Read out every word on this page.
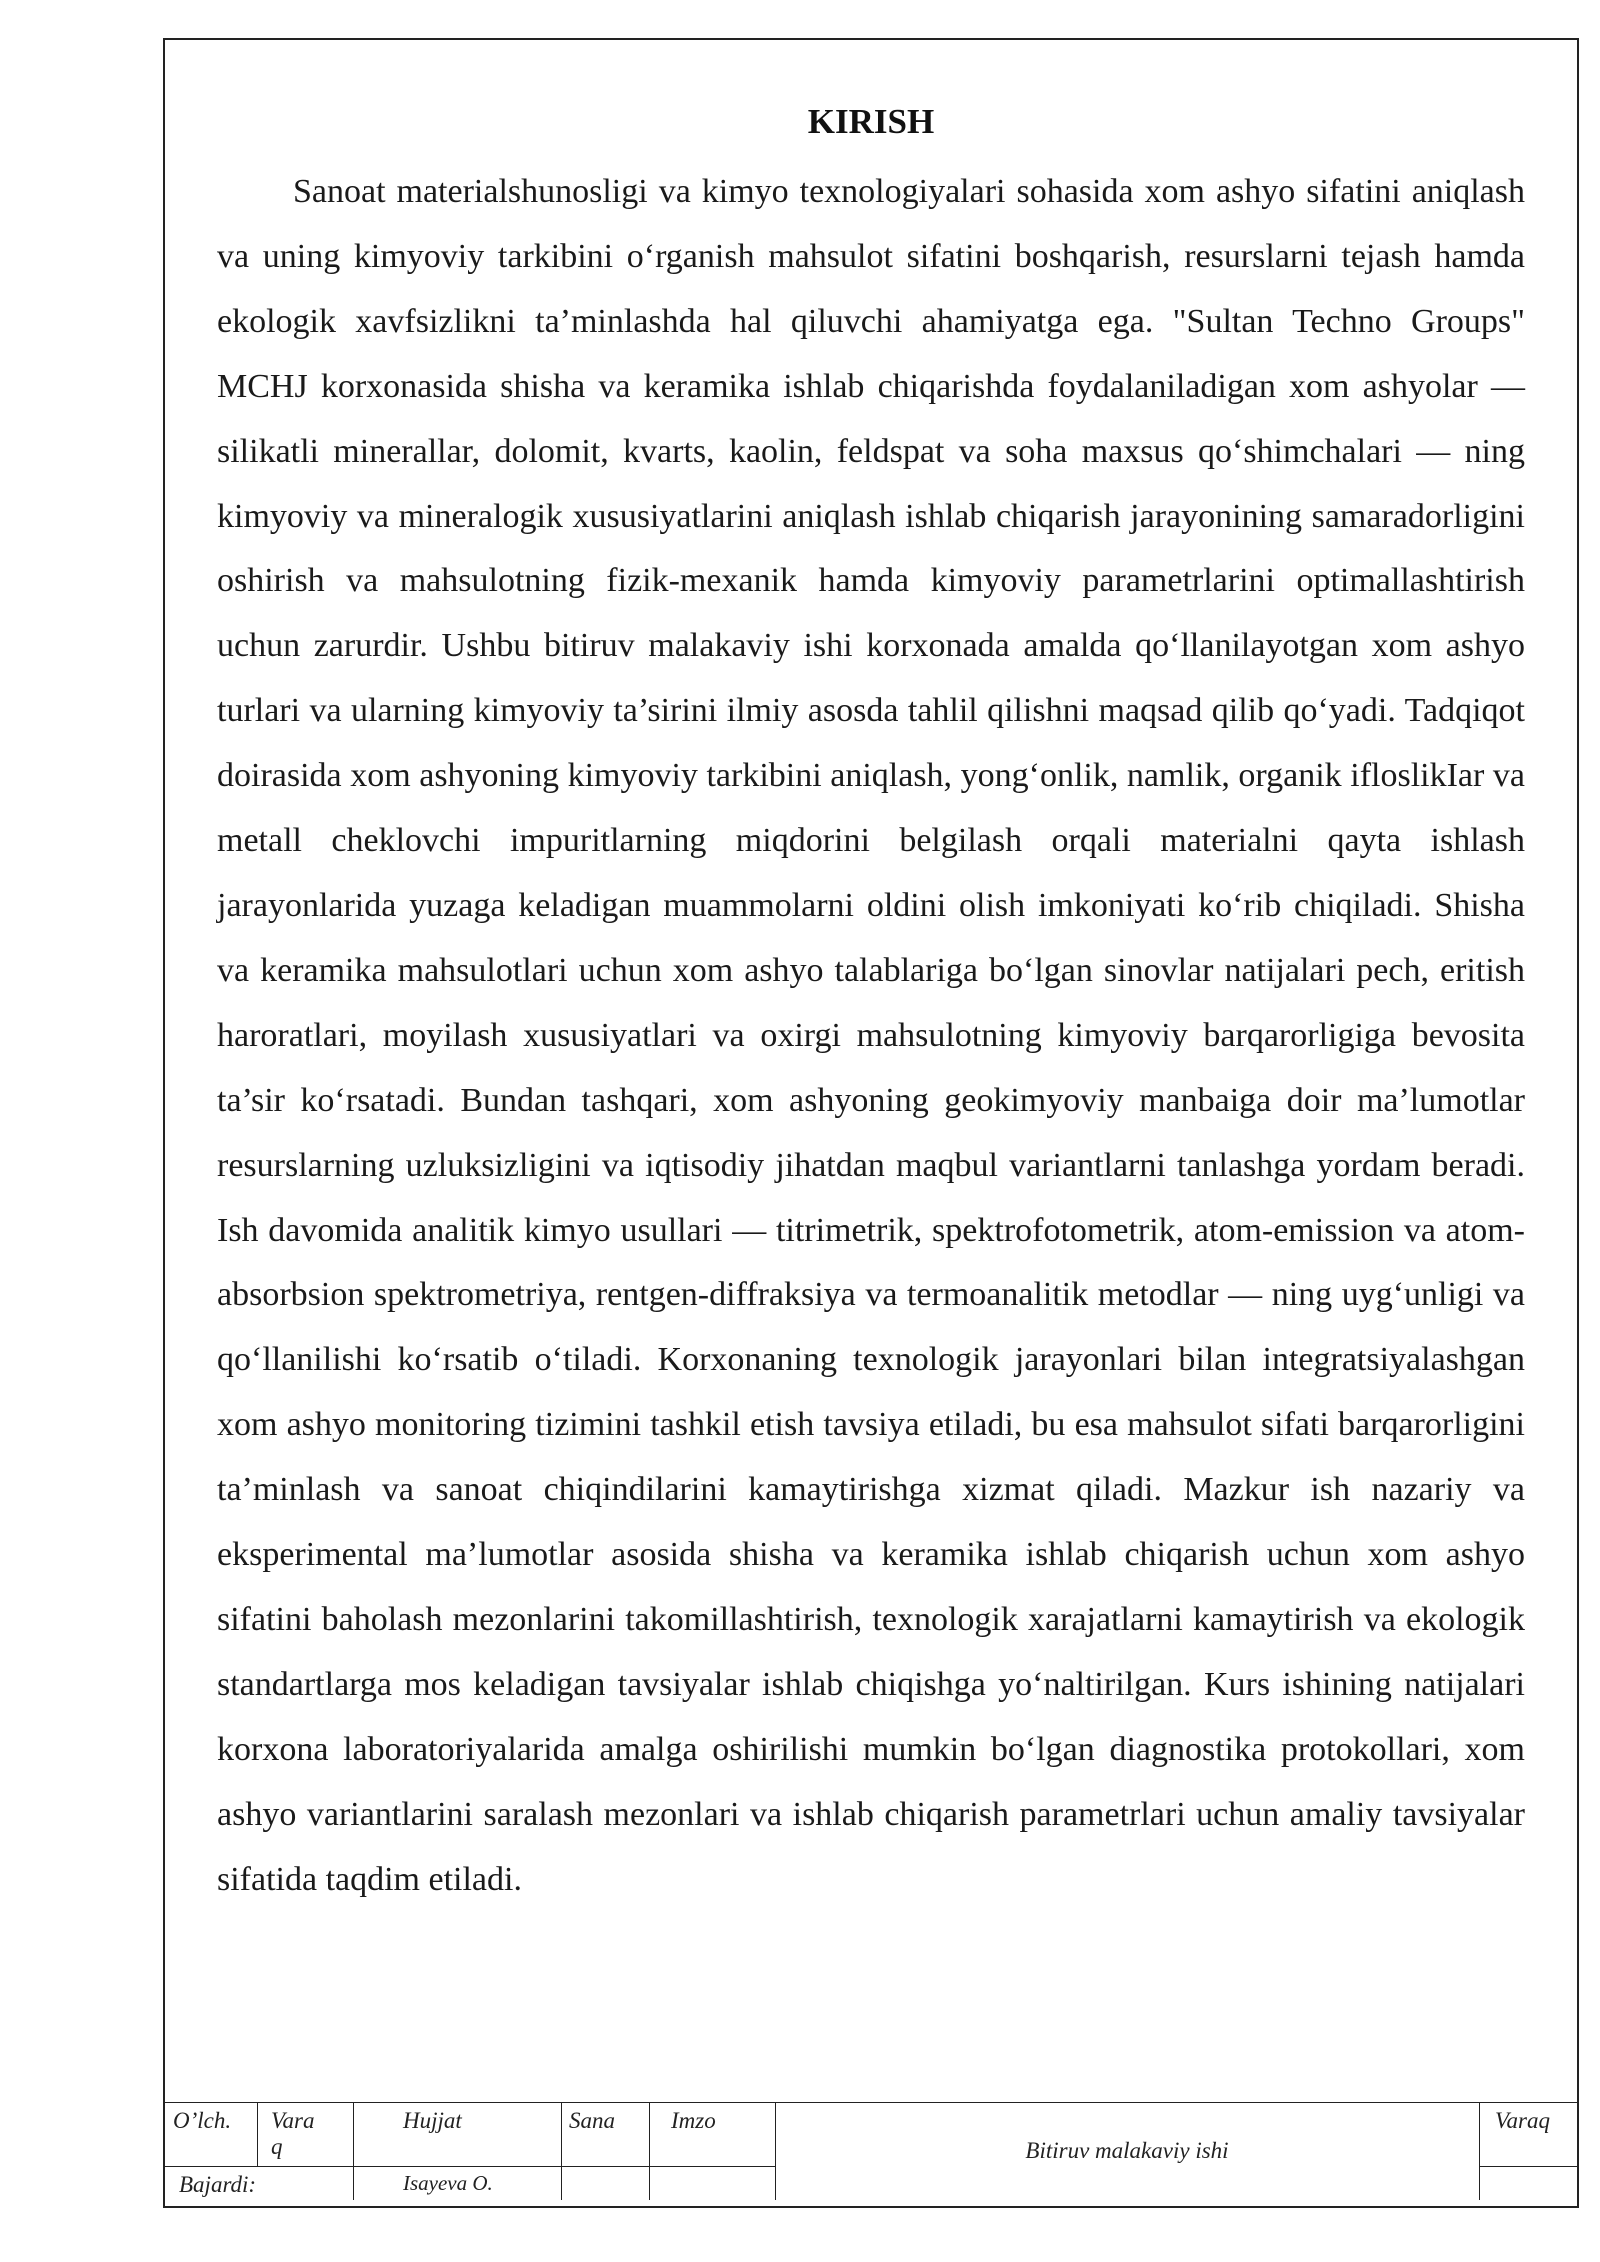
KIRISH

Sanoat materialshunosligi va kimyo texnologiyalari sohasida xom ashyo sifatini aniqlash va uning kimyoviy tarkibini oʻrganish mahsulot sifatini boshqarish, resurslarni tejash hamda ekologik xavfsizlikni ta’minlashda hal qiluvchi ahamiyatga ega. "Sultan Techno Groups" MCHJ korxonasida shisha va keramika ishlab chiqarishda foydalaniladigan xom ashyolar — silikatli minerallar, dolomit, kvarts, kaolin, feldspat va soha maxsus qoʻshimchalari — ning kimyoviy va mineralogik xususiyatlarini aniqlash ishlab chiqarish jarayonining samaradorligini oshirish va mahsulotning fizik-mexanik hamda kimyoviy parametrlarini optimallashtirish uchun zarurdir. Ushbu bitiruv malakaviy ishi korxonada amalda qoʻllanilayotgan xom ashyo turlari va ularning kimyoviy ta’sirini ilmiy asosda tahlil qilishni maqsad qilib qoʻyadi. Tadqiqot doirasida xom ashyoning kimyoviy tarkibini aniqlash, yongʻonlik, namlik, organik ifloslikIar va metall cheklovchi impuritlarning miqdorini belgilash orqali materialni qayta ishlash jarayonlarida yuzaga keladigan muammolarni oldini olish imkoniyati koʻrib chiqiladi. Shisha va keramika mahsulotlari uchun xom ashyo talablariga boʻlgan sinovlar natijalari pech, eritish haroratlari, moyilash xususiyatlari va oxirgi mahsulotning kimyoviy barqarorligiga bevosita ta’sir koʻrsatadi. Bundan tashqari, xom ashyoning geokimyoviy manbaiga doir ma’lumotlar resurslarning uzluksizligini va iqtisodiy jihatdan maqbul variantlarni tanlashga yordam beradi. Ish davomida analitik kimyo usullari — titrimetrik, spektrofotometrik, atom-emission va atom-absorbsion spektrometriya, rentgen-diffraksiya va termoanalitik metodlar — ning uygʻunligi va qoʻllanilishi koʻrsatib oʻtiladi. Korxonaning texnologik jarayonlari bilan integratsiyalashgan xom ashyo monitoring tizimini tashkil etish tavsiya etiladi, bu esa mahsulot sifati barqarorligini ta’minlash va sanoat chiqindilarini kamaytirishga xizmat qiladi. Mazkur ish nazariy va eksperimental ma’lumotlar asosida shisha va keramika ishlab chiqarish uchun xom ashyo sifatini baholash mezonlarini takomillashtirish, texnologik xarajatlarni kamaytirish va ekologik standartlarga mos keladigan tavsiyalar ishlab chiqishga yoʻnaltirilgan. Kurs ishining natijalari korxona laboratoriyalarida amalga oshirilishi mumkin boʻlgan diagnostika protokollari, xom ashyo variantlarini saralash mezonlari va ishlab chiqarish parametrlari uchun amaliy tavsiyalar sifatida taqdim etiladi.

O’lch. Vara
q
Hujjat	Sana Imzo
Bitiruv malakaviy ishi
Varaq
Bajardi:	Isayeva O.
